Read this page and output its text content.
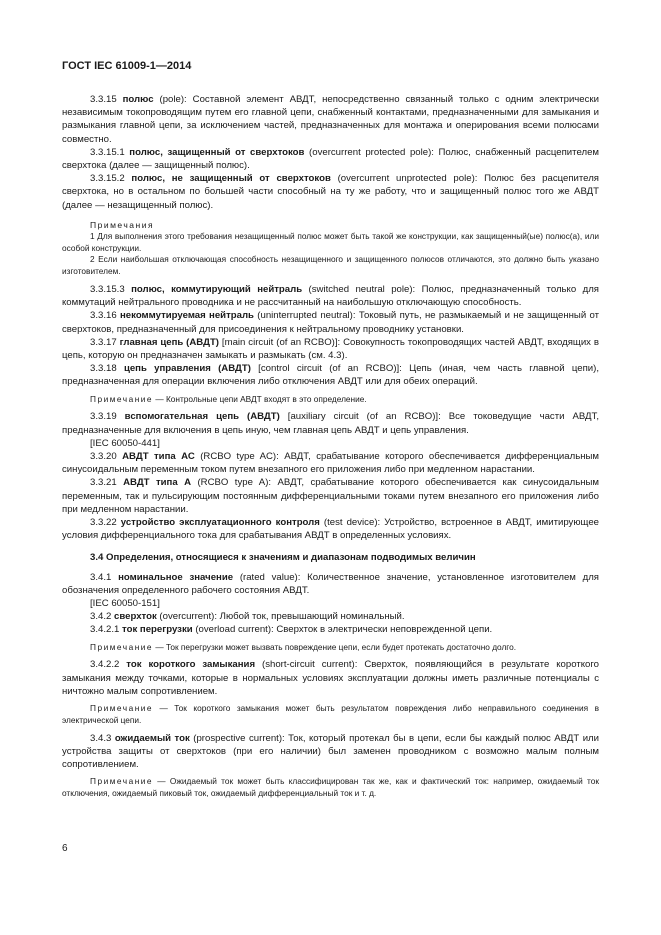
ГОСТ IEC 61009-1—2014

3.3.15 полюс (pole): Составной элемент АВДТ, непосредственно связанный только с одним электрически независимым токопроводящим путем его главной цепи, снабженный контактами, предназначенными для замыкания и размыкания главной цепи, за исключением частей, предназначенных для монтажа и оперирования всеми полюсами совместно.

3.3.15.1 полюс, защищенный от сверхтоков (overcurrent protected pole): Полюс, снабженный расцепителем сверхтока (далее — защищенный полюс).

3.3.15.2 полюс, не защищенный от сверхтоков (overcurrent unprotected pole): Полюс без расцепителя сверхтока, но в остальном по большей части способный на ту же работу, что и защищенный полюс того же АВДТ (далее — незащищенный полюс).

Примечания

1 Для выполнения этого требования незащищенный полюс может быть такой же конструкции, как защищенный(ые) полюс(а), или особой конструкции.

2 Если наибольшая отключающая способность незащищенного и защищенного полюсов отличаются, это должно быть указано изготовителем.

3.3.15.3 полюс, коммутирующий нейтраль (switched neutral pole): Полюс, предназначенный только для коммутаций нейтрального проводника и не рассчитанный на наибольшую отключающую способность.

3.3.16 некоммутируемая нейтраль (uninterrupted neutral): Токовый путь, не размыкаемый и не защищенный от сверхтоков, предназначенный для присоединения к нейтральному проводнику установки.

3.3.17 главная цепь (АВДТ) [main circuit (of an RCBO)]: Совокупность токопроводящих частей АВДТ, входящих в цепь, которую он предназначен замыкать и размыкать (см. 4.3).

3.3.18 цепь управления (АВДТ) [control circuit (of an RCBO)]: Цепь (иная, чем часть главной цепи), предназначенная для операции включения либо отключения АВДТ или для обеих операций.

Примечание — Контрольные цепи АВДТ входят в это определение.

3.3.19 вспомогательная цепь (АВДТ) [auxiliary circuit (of an RCBO)]: Все токоведущие части АВДТ, предназначенные для включения в цепь иную, чем главная цепь АВДТ и цепь управления.

[IEC 60050-441]

3.3.20 АВДТ типа АС (RCBO type AC): АВДТ, срабатывание которого обеспечивается дифференциальным синусоидальным переменным током путем внезапного его приложения либо при медленном нарастании.

3.3.21 АВДТ типа А (RCBO type A): АВДТ, срабатывание которого обеспечивается как синусоидальным переменным, так и пульсирующим постоянным дифференциальными токами путем внезапного его приложения либо при медленном нарастании.

3.3.22 устройство эксплуатационного контроля (test device): Устройство, встроенное в АВДТ, имитирующее условия дифференциального тока для срабатывания АВДТ в определенных условиях.

3.4 Определения, относящиеся к значениям и диапазонам подводимых величин

3.4.1 номинальное значение (rated value): Количественное значение, установленное изготовителем для обозначения определенного рабочего состояния АВДТ.

[IEC 60050-151]

3.4.2 сверхток (overcurrent): Любой ток, превышающий номинальный.

3.4.2.1 ток перегрузки (overload current): Сверхток в электрически неповрежденной цепи.

Примечание — Ток перегрузки может вызвать повреждение цепи, если будет протекать достаточно долго.

3.4.2.2 ток короткого замыкания (short-circuit current): Сверхток, появляющийся в результате короткого замыкания между точками, которые в нормальных условиях эксплуатации должны иметь различные потенциалы с ничтожно малым сопротивлением.

Примечание — Ток короткого замыкания может быть результатом повреждения либо неправильного соединения в электрической цепи.

3.4.3 ожидаемый ток (prospective current): Ток, который протекал бы в цепи, если бы каждый полюс АВДТ или устройства защиты от сверхтоков (при его наличии) был заменен проводником с возможно малым полным сопротивлением.

Примечание — Ожидаемый ток может быть классифицирован так же, как и фактический ток: например, ожидаемый ток отключения, ожидаемый пиковый ток, ожидаемый дифференциальный ток и т. д.

6
